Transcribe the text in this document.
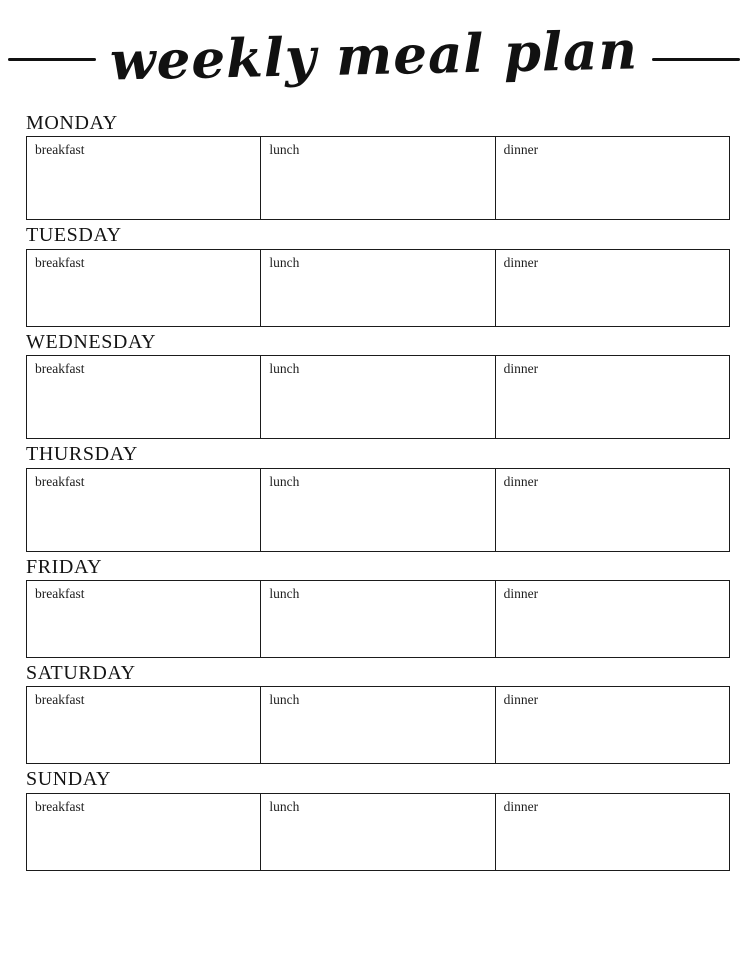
weekly meal plan
MONDAY
breakfast	lunch	dinner
TUESDAY
breakfast	lunch	dinner
WEDNESDAY
breakfast	lunch	dinner
THURSDAY
breakfast	lunch	dinner
FRIDAY
breakfast	lunch	dinner
SATURDAY
breakfast	lunch	dinner
SUNDAY
breakfast	lunch	dinner
